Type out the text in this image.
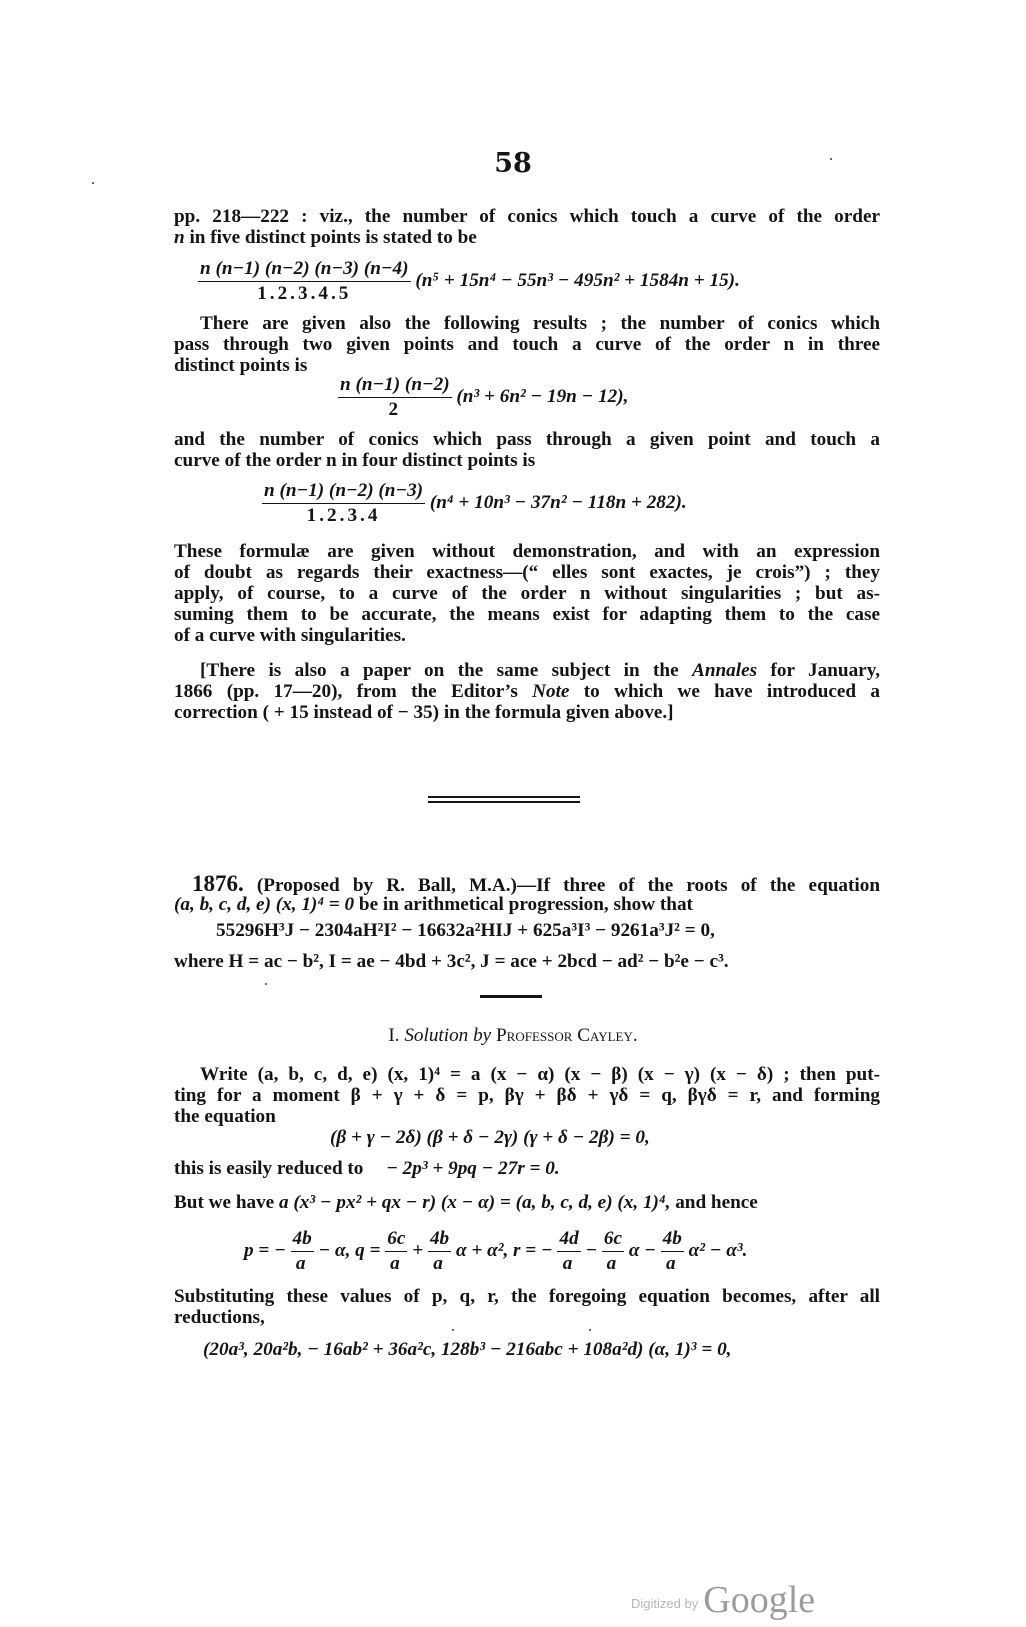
58
pp. 218—222 : viz., the number of conics which touch a curve of the order
n in five distinct points is stated to be
$\frac{n (n-1) (n-2) (n-3) (n-4)}{1.2.3.4.5} (n^5 + 15n^4 - 55n^3 - 495n^2 + 1584n + 15)$.
There are given also the following results ; the number of conics which
pass through two given points and touch a curve of the order n in three
distinct points is
$\frac{n (n-1) (n-2)}{2} (n^3 + 6n^2 - 19n - 12)$,
and the number of conics which pass through a given point and touch a
curve of the order n in four distinct points is
$\frac{n (n-1) (n-2) (n-3)}{1.2.3.4} (n^4 + 10n^3 - 37n^2 - 118n + 282)$.
These formulæ are given without demonstration, and with an expression
of doubt as regards their exactness—(“ elles sont exactes, je crois”) ; they
apply, of course, to a curve of the order n without singularities ; but as-
suming them to be accurate, the means exist for adapting them to the case
of a curve with singularities.
[There is also a paper on the same subject in the Annales for January,
1866 (pp. 17—20), from the Editor’s Note to which we have introduced a
correction ( + 15 instead of − 35) in the formula given above.]
1876. (Proposed by R. Ball, M.A.)—If three of the roots of the equation
(a, b, c, d, e) (x, 1)⁴ = 0 be in arithmetical progression, show that
55296H³J − 2304aH²I² − 16632a²HIJ + 625a³I³ − 9261a³J² = 0,
where H = ac − b², I = ae − 4bd + 3c², J = ace + 2bcd − ad² − b²e − c³.
I. Solution by Professor Cayley.
Write (a, b, c, d, e) (x, 1)⁴ = a (x − α) (x − β) (x − γ) (x − δ) ; then put-
ting for a moment β + γ + δ = p, βγ + βδ + γδ = q, βγδ = r, and forming
the equation
(β + γ − 2δ) (β + δ − 2γ) (γ + δ − 2β) = 0,
this is easily reduced to − 2p³ + 9pq − 27r = 0.
But we have a (x³ − px² + qx − r) (x − α) = (a, b, c, d, e) (x, 1)⁴, and hence
p = − $\frac{4b}{a} - \alpha$, $q = \frac{6c}{a} + \frac{4b}{a}$ α + α², r = − $\frac{4d}{a} - \frac{6c}{a}$ $\alpha - \frac{4b}{a} \alpha^2 - \alpha^3$.
Substituting these values of p, q, r, the foregoing equation becomes, after all
reductions,
(20a³, 20a²b, − 16ab² + 36a²c, 128b³ − 216abc + 108a²d) (α, 1)³ = 0,
$^{Digitized by}$ Google
